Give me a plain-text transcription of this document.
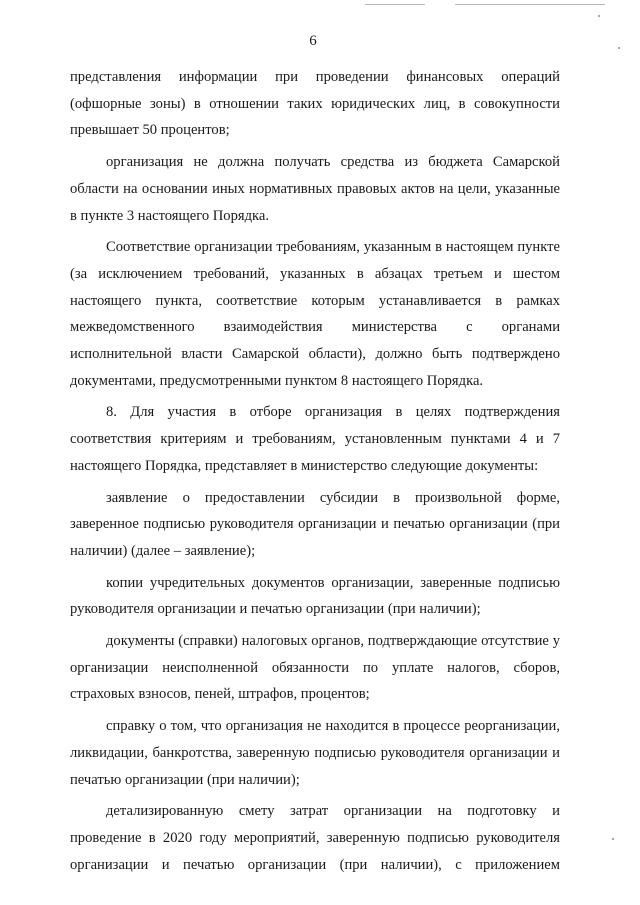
6

представления информации при проведении финансовых операций (офшорные зоны) в отношении таких юридических лиц, в совокупности превышает 50 процентов;

организация не должна получать средства из бюджета Самарской области на основании иных нормативных правовых актов на цели, указанные в пункте 3 настоящего Порядка.

Соответствие организации требованиям, указанным в настоящем пункте (за исключением требований, указанных в абзацах третьем и шестом настоящего пункта, соответствие которым устанавливается в рамках межведомственного взаимодействия министерства с органами исполнительной власти Самарской области), должно быть подтверждено документами, предусмотренными пунктом 8 настоящего Порядка.

8. Для участия в отборе организация в целях подтверждения соответствия критериям и требованиям, установленным пунктами 4 и 7 настоящего Порядка, представляет в министерство следующие документы:

заявление о предоставлении субсидии в произвольной форме, заверенное подписью руководителя организации и печатью организации (при наличии) (далее – заявление);

копии учредительных документов организации, заверенные подписью руководителя организации и печатью организации (при наличии);

документы (справки) налоговых органов, подтверждающие отсутствие у организации неисполненной обязанности по уплате налогов, сборов, страховых взносов, пеней, штрафов, процентов;

справку о том, что организация не находится в процессе реорганизации, ликвидации, банкротства, заверенную подписью руководителя организации и печатью организации (при наличии);

детализированную смету затрат организации на подготовку и проведение в 2020 году мероприятий, заверенную подписью руководителя организации и печатью организации (при наличии), с приложением
